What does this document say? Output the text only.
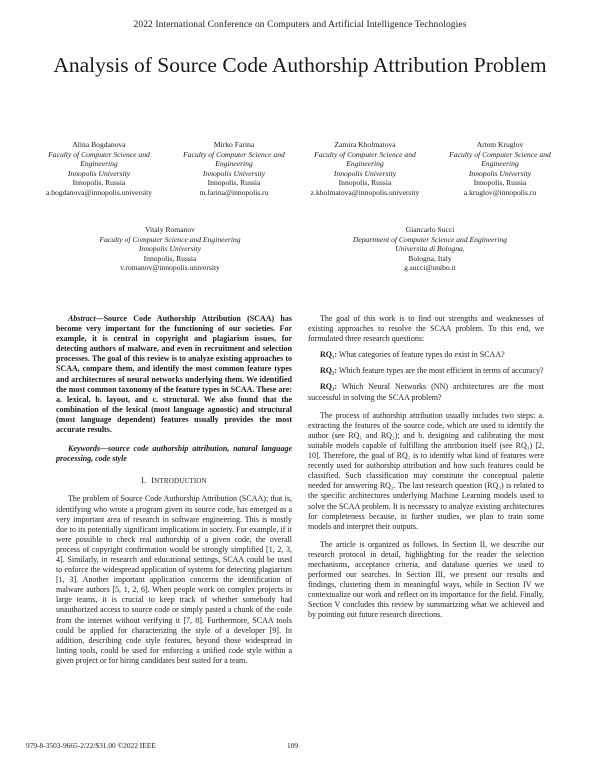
2022 International Conference on Computers and Artificial Intelligence Technologies
Analysis of Source Code Authorship Attribution Problem
Alina Bogdanova
Faculty of Computer Science and Engineering
Innopolis University
Innopolis, Russia
a.bogdanova@innopolis.university
Mirko Farina
Faculty of Computer Science and Engineering
Innopolis University
Innopolis, Russia
m.farina@innopolis.ru
Zamira Kholmatova
Faculty of Computer Science and Engineering
Innopolis University
Innopolis, Russia
z.kholmatova@innopolis.university
Artem Kruglov
Faculty of Computer Science and Engineering
Innopolis University
Innopolis, Russia
a.kruglov@innopolis.ru
Vitaly Romanov
Faculty of Computer Science and Engineering
Innopolis University
Innopolis, Russia
v.romanov@innopolis.university
Giancarlo Succi
Department of Computer Science and Engineering
Universita di Bologna,
Bologna, Italy
g.succi@unibo.it

Abstract—Source Code Authorship Attribution (SCAA) has become very important for the functioning of our societies. For example, it is central in copyright and plagiarism issues, for detecting authors of malware, and even in recruitment and selection processes. The goal of this review is to analyze existing approaches to SCAA, compare them, and identify the most common feature types and architectures of neural networks underlying them. We identified the most common taxonomy of the feature types in SCAA. These are: a. lexical, b. layout, and c. structural. We also found that the combination of the lexical (most language agnostic) and structural (most language dependent) features usually provides the most accurate results.

Keywords—source code authorship attribution, natural language processing, code style

I. INTRODUCTION

The problem of Source Code Authorship Attribution (SCAA); that is, identifying who wrote a program given its source code, has emerged as a very important area of research in software engineering. This is mostly due to its potentially significant implications in society. For example, if it were possible to check real authorship of a given code, the overall process of copyright confirmation would be strongly simplified [1, 2, 3, 4]. Similarly, in research and educational settings, SCAA could be used to enforce the widespread application of systems for detecting plagiarism [1, 3]. Another important application concerns the identification of malware authors [5, 1, 2, 6]. When people work on complex projects in large teams, it is crucial to keep track of whether somebody had unauthorized access to source code or simply pasted a chunk of the code from the internet without verifying it [7, 8]. Furthermore, SCAA tools could be applied for characterizing the style of a developer [9]. In addition, describing code style features, beyond those widespread in linting tools, could be used for enforcing a unified code style within a given project or for hiring candidates best suited for a team.

The goal of this work is to find out strengths and weaknesses of existing approaches to resolve the SCAA problem. To this end, we formulated three research questions:

RQ₁: What categories of feature types do exist in SCAA?

RQ₂: Which feature types are the most efficient in terms of accuracy?

RQ₃: Which Neural Networks (NN) architectures are the most successful in solving the SCAA problem?

The process of authorship attribution usually includes two steps: a. extracting the features of the source code, which are used to identify the author (see RQ₁ and RQ₂); and b. designing and calibrating the most suitable models capable of fulfilling the attribution itself (see RQ₃) [2, 10]. Therefore, the goal of RQ₁ is to identify what kind of features were recently used for authorship attribution and how such features could be classified. Such classification may constitute the conceptual palette needed for answering RQ₂. The last research question (RQ₃) is related to the specific architectures underlying Machine Learning models used to solve the SCAA problem. It is necessary to analyze existing architectures for completeness because, in further studies, we plan to train some models and interpret their outputs.

The article is organized as follows. In Section II, we describe our research protocol in detail, highlighting for the reader the selection mechanisms, acceptance criteria, and database queries we used to performed our searches. In Section III, we present our results and findings, clustering them in meaningful ways, while in Section IV we contextualize our work and reflect on its importance for the field. Finally, Section V concludes this review by summarizing what we achieved and by pointing out future research directions.

979-8-3503-9665-2/22/$31.00 ©2022 IEEE	109
